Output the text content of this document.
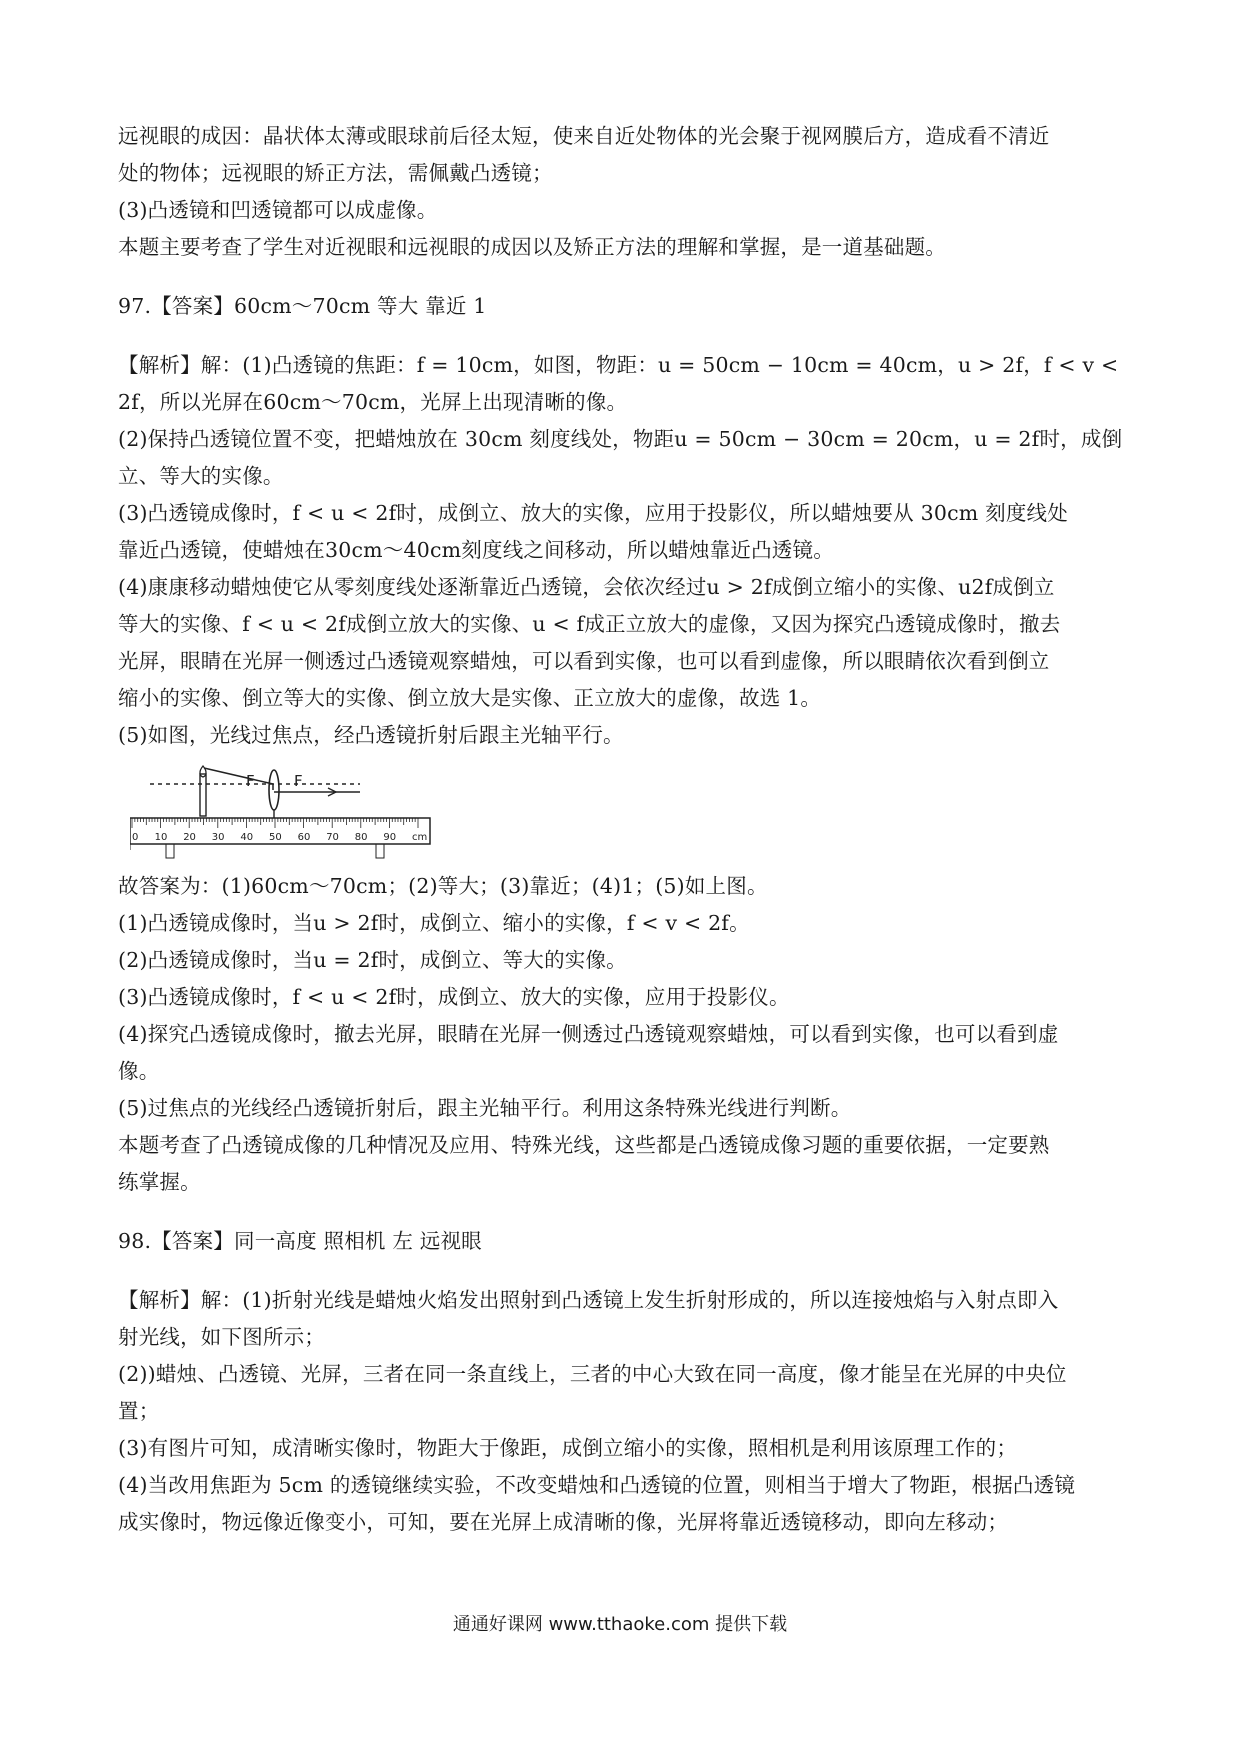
远视眼的成因：晶状体太薄或眼球前后径太短，使来自近处物体的光会聚于视网膜后方，造成看不清近
处的物体；远视眼的矫正方法，需佩戴凸透镜；
(3)凸透镜和凹透镜都可以成虚像。
本题主要考查了学生对近视眼和远视眼的成因以及矫正方法的理解和掌握，是一道基础题。
97.【答案】60cm～70cm 等大 靠近 1
【解析】解：(1)凸透镜的焦距：f = 10cm，如图，物距：u = 50cm − 10cm = 40cm，u > 2f，f < v <
2f，所以光屏在60cm～70cm，光屏上出现清晰的像。
(2)保持凸透镜位置不变，把蜡烛放在 30cm 刻度线处，物距u = 50cm − 30cm = 20cm，u = 2f时，成倒
立、等大的实像。
(3)凸透镜成像时，f < u < 2f时，成倒立、放大的实像，应用于投影仪，所以蜡烛要从 30cm 刻度线处
靠近凸透镜，使蜡烛在30cm～40cm刻度线之间移动，所以蜡烛靠近凸透镜。
(4)康康移动蜡烛使它从零刻度线处逐渐靠近凸透镜，会依次经过u > 2f成倒立缩小的实像、u2f成倒立
等大的实像、f < u < 2f成倒立放大的实像、u < f成正立放大的虚像，又因为探究凸透镜成像时，撤去
光屏，眼睛在光屏一侧透过凸透镜观察蜡烛，可以看到实像，也可以看到虚像，所以眼睛依次看到倒立
缩小的实像、倒立等大的实像、倒立放大是实像、正立放大的虚像，故选 1。
(5)如图，光线过焦点，经凸透镜折射后跟主光轴平行。
F	F
0 10 20 30 40 50 60 70 80 90 cm
故答案为：(1)60cm～70cm；(2)等大；(3)靠近；(4)1；(5)如上图。
(1)凸透镜成像时，当u > 2f时，成倒立、缩小的实像，f < v < 2f。
(2)凸透镜成像时，当u = 2f时，成倒立、等大的实像。
(3)凸透镜成像时，f < u < 2f时，成倒立、放大的实像，应用于投影仪。
(4)探究凸透镜成像时，撤去光屏，眼睛在光屏一侧透过凸透镜观察蜡烛，可以看到实像，也可以看到虚
像。
(5)过焦点的光线经凸透镜折射后，跟主光轴平行。利用这条特殊光线进行判断。
本题考查了凸透镜成像的几种情况及应用、特殊光线，这些都是凸透镜成像习题的重要依据，一定要熟
练掌握。
98.【答案】同一高度 照相机 左 远视眼
【解析】解：(1)折射光线是蜡烛火焰发出照射到凸透镜上发生折射形成的，所以连接烛焰与入射点即入
射光线，如下图所示；
(2))蜡烛、凸透镜、光屏，三者在同一条直线上，三者的中心大致在同一高度，像才能呈在光屏的中央位
置；
(3)有图片可知，成清晰实像时，物距大于像距，成倒立缩小的实像，照相机是利用该原理工作的；
(4)当改用焦距为 5cm 的透镜继续实验，不改变蜡烛和凸透镜的位置，则相当于增大了物距，根据凸透镜
成实像时，物远像近像变小，可知，要在光屏上成清晰的像，光屏将靠近透镜移动，即向左移动；
通通好课网 www.tthaoke.com 提供下载
